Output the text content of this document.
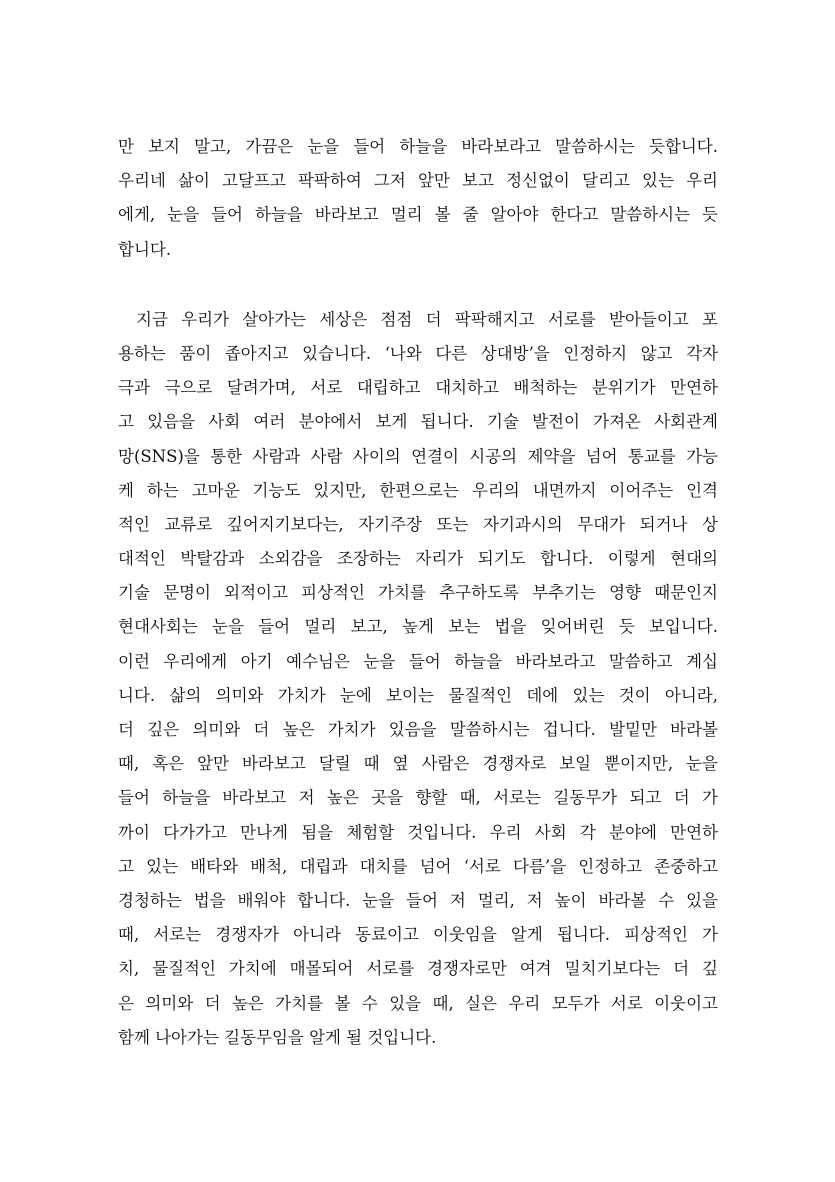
만 보지 말고, 가끔은 눈을 들어 하늘을 바라보라고 말씀하시는 듯합니다.
우리네 삶이 고달프고 팍팍하여 그저 앞만 보고 정신없이 달리고 있는 우리
에게, 눈을 들어 하늘을 바라보고 멀리 볼 줄 알아야 한다고 말씀하시는 듯
합니다.
지금 우리가 살아가는 세상은 점점 더 팍팍해지고 서로를 받아들이고 포
용하는 품이 좁아지고 있습니다. ‘나와 다른 상대방’을 인정하지 않고 각자
극과 극으로 달려가며, 서로 대립하고 대치하고 배척하는 분위기가 만연하
고 있음을 사회 여러 분야에서 보게 됩니다. 기술 발전이 가져온 사회관계
망(SNS)을 통한 사람과 사람 사이의 연결이 시공의 제약을 넘어 통교를 가능
케 하는 고마운 기능도 있지만, 한편으로는 우리의 내면까지 이어주는 인격
적인 교류로 깊어지기보다는, 자기주장 또는 자기과시의 무대가 되거나 상
대적인 박탈감과 소외감을 조장하는 자리가 되기도 합니다. 이렇게 현대의
기술 문명이 외적이고 피상적인 가치를 추구하도록 부추기는 영향 때문인지
현대사회는 눈을 들어 멀리 보고, 높게 보는 법을 잊어버린 듯 보입니다.
이런 우리에게 아기 예수님은 눈을 들어 하늘을 바라보라고 말씀하고 계십
니다. 삶의 의미와 가치가 눈에 보이는 물질적인 데에 있는 것이 아니라,
더 깊은 의미와 더 높은 가치가 있음을 말씀하시는 겁니다. 발밑만 바라볼
때, 혹은 앞만 바라보고 달릴 때 옆 사람은 경쟁자로 보일 뿐이지만, 눈을
들어 하늘을 바라보고 저 높은 곳을 향할 때, 서로는 길동무가 되고 더 가
까이 다가가고 만나게 됨을 체험할 것입니다. 우리 사회 각 분야에 만연하
고 있는 배타와 배척, 대립과 대치를 넘어 ‘서로 다름’을 인정하고 존중하고
경청하는 법을 배워야 합니다. 눈을 들어 저 멀리, 저 높이 바라볼 수 있을
때, 서로는 경쟁자가 아니라 동료이고 이웃임을 알게 됩니다. 피상적인 가
치, 물질적인 가치에 매몰되어 서로를 경쟁자로만 여겨 밀치기보다는 더 깊
은 의미와 더 높은 가치를 볼 수 있을 때, 실은 우리 모두가 서로 이웃이고
함께 나아가는 길동무임을 알게 될 것입니다.
